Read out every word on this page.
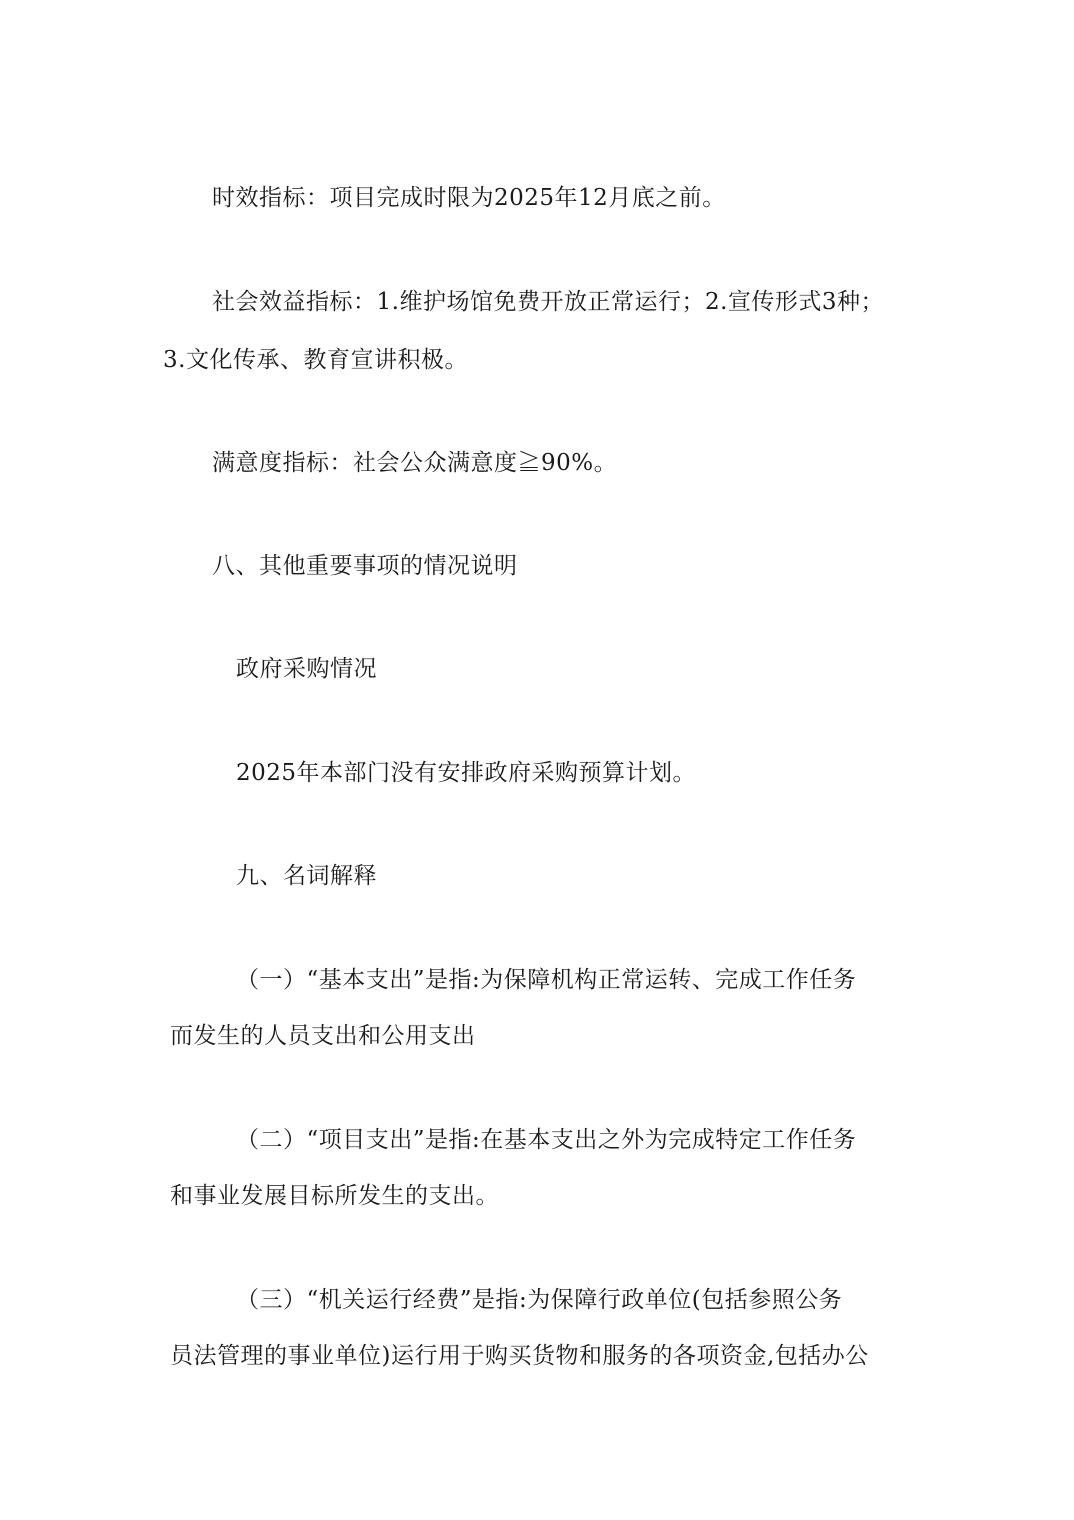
时效指标：项目完成时限为2025年12月底之前。

社会效益指标：1.维护场馆免费开放正常运行；2.宣传形式3种；

3.文化传承、教育宣讲积极。

满意度指标：社会公众满意度≧90%。

八、其他重要事项的情况说明

政府采购情况

2025年本部门没有安排政府采购预算计划。

九、名词解释

（一）“基本支出”是指:为保障机构正常运转、完成工作任务

而发生的人员支出和公用支出

（二）“项目支出”是指:在基本支出之外为完成特定工作任务

和事业发展目标所发生的支出。

（三）“机关运行经费”是指:为保障行政单位(包括参照公务

员法管理的事业单位)运行用于购买货物和服务的各项资金,包括办公
